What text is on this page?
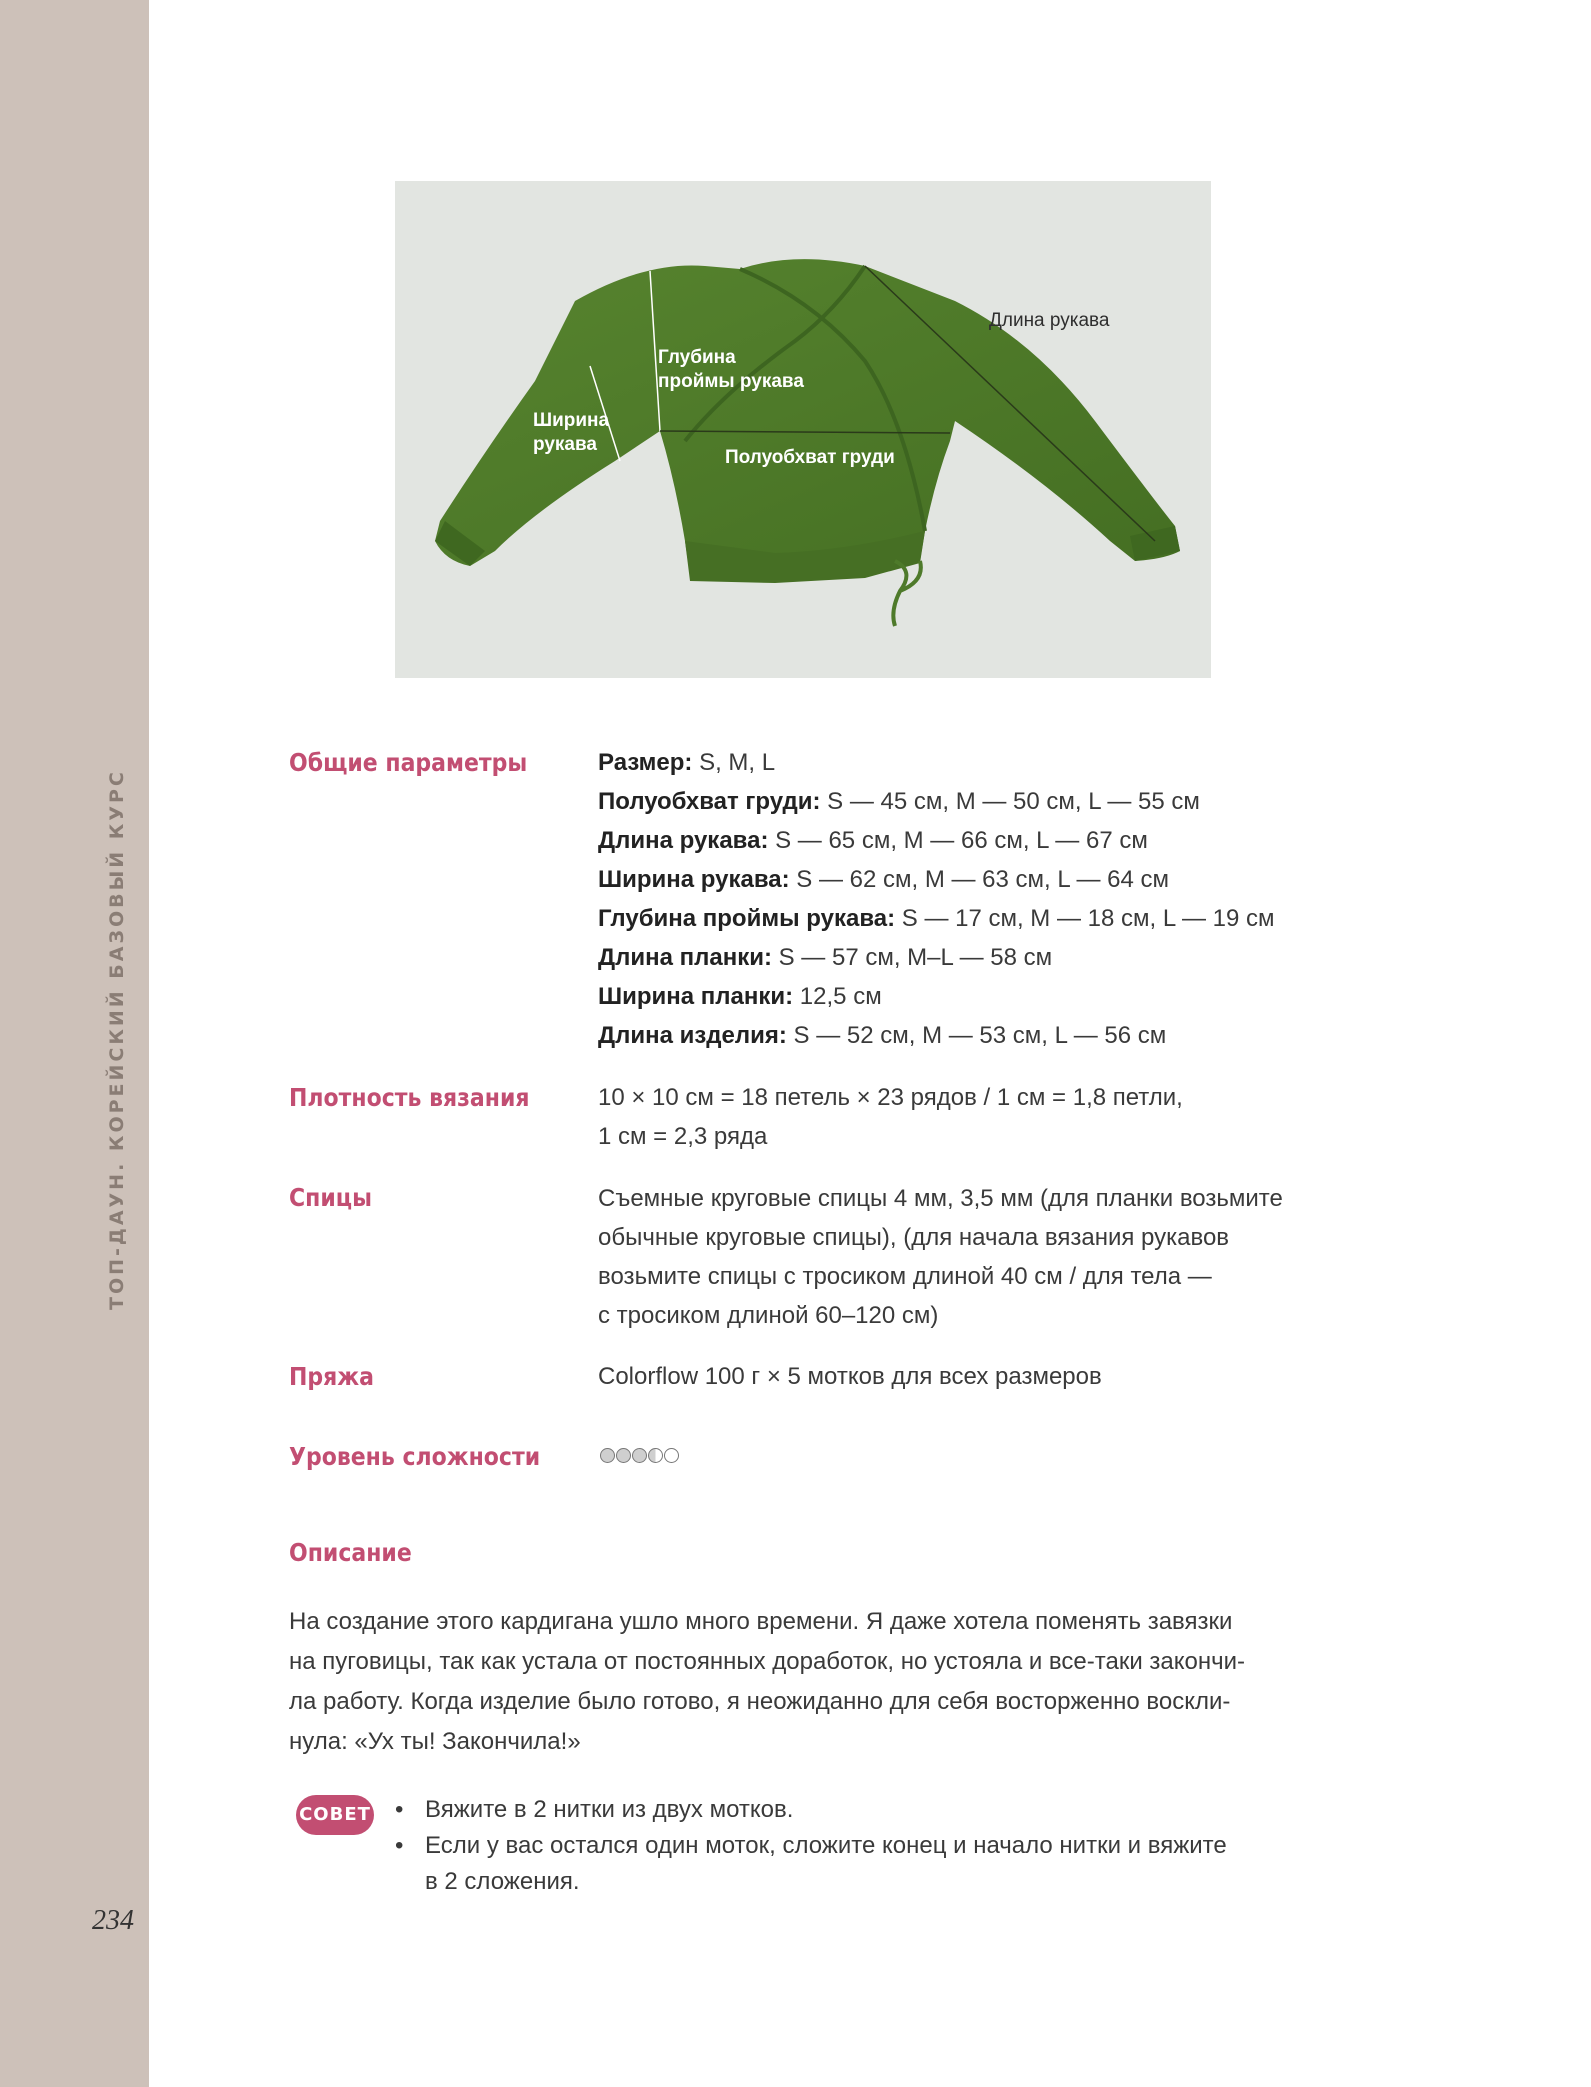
ТОП-ДАУН. КОРЕЙСКИЙ БАЗОВЫЙ КУРС
234
Длина рукава
Глубина
проймы рукава
Ширина
рукава
Полуобхват груди
Общие параметры	Размер: S, M, L
Полуобхват груди: S — 45 см, M — 50 см, L — 55 см
Длина рукава: S — 65 см, M — 66 см, L — 67 см
Ширина рукава: S — 62 см, M — 63 см, L — 64 см
Глубина проймы рукава: S — 17 см, M — 18 см, L — 19 см
Длина планки: S — 57 см, M–L — 58 см
Ширина планки: 12,5 см
Длина изделия: S — 52 см, M — 53 см, L — 56 см
Плотность вязания	10 × 10 см = 18 петель × 23 рядов / 1 см = 1,8 петли,
1 см = 2,3 ряда
Спицы	Съемные круговые спицы 4 мм, 3,5 мм (для планки возьмите
обычные круговые спицы), (для начала вязания рукавов
возьмите спицы с тросиком длиной 40 см / для тела —
с тросиком длиной 60–120 см)
Пряжа	Colorflow 100 г × 5 мотков для всех размеров
Уровень сложности
Описание
На создание этого кардигана ушло много времени. Я даже хотела поменять завязки
на пуговицы, так как устала от постоянных доработок, но устояла и все-таки закончи-
ла работу. Когда изделие было готово, я неожиданно для себя восторженно воскли-
нула: «Ух ты! Закончила!»
СОВЕТ
•	Вяжите в 2 нитки из двух мотков.
• Если у вас остался один моток, сложите конец и начало нитки и вяжите
в 2 сложения.
